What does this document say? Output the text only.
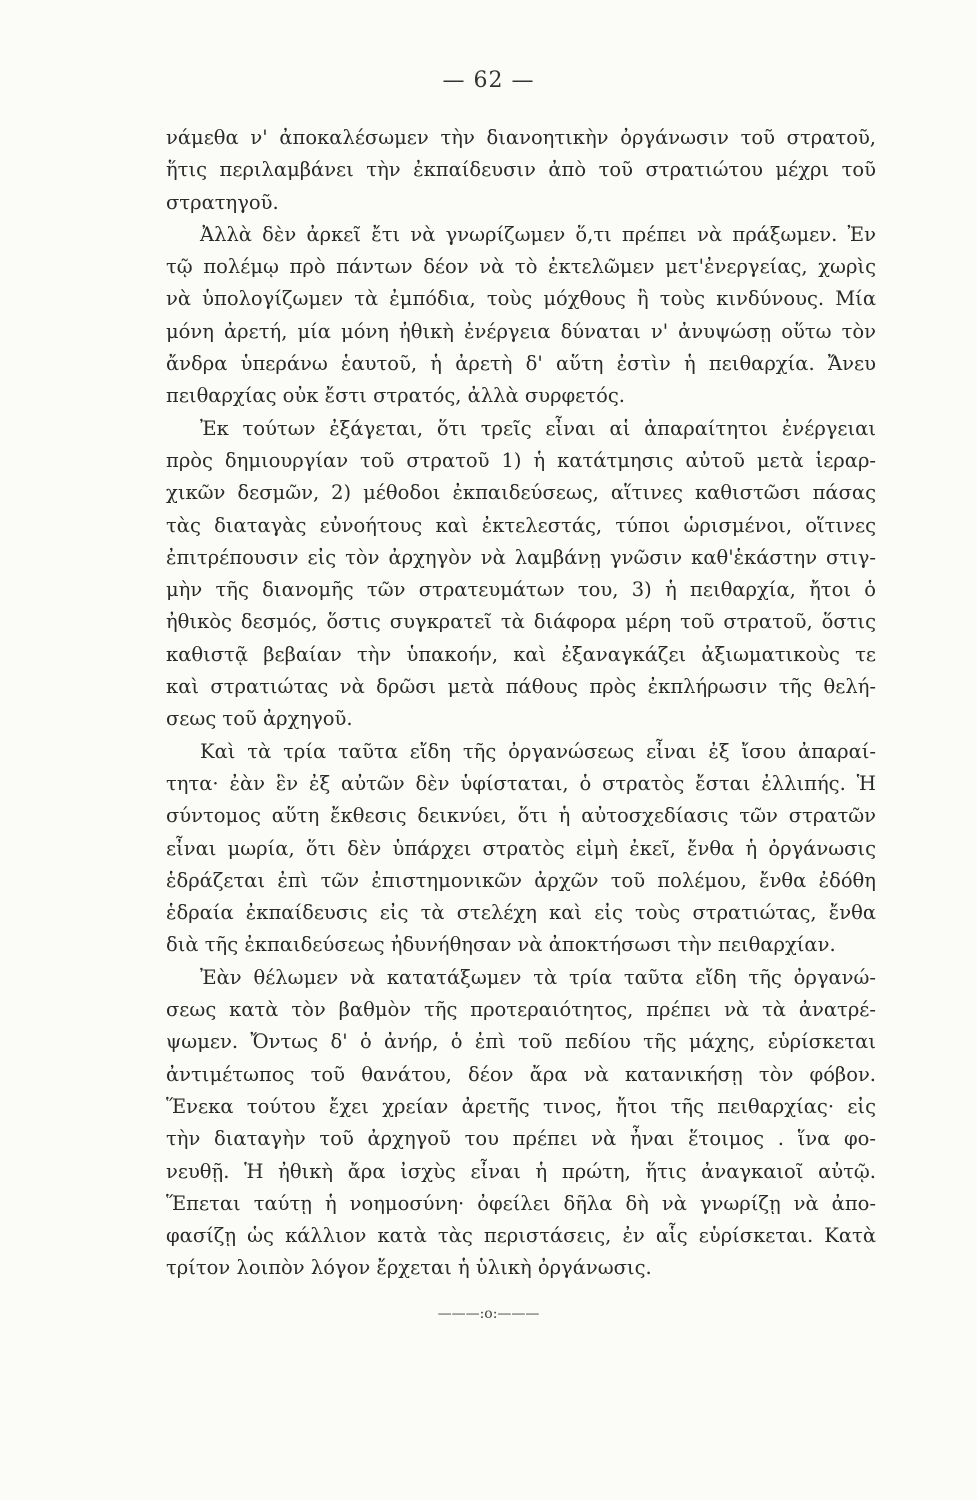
— 62 —
νάμεθα ν' ἀποκαλέσωμεν τὴν διανοητικὴν ὀργάνωσιν τοῦ στρατοῦ,
ἥτις περιλαμβάνει τὴν ἐκπαίδευσιν ἀπὸ τοῦ στρατιώτου μέχρι τοῦ
στρατηγοῦ.
Ἀλλὰ δὲν ἀρκεῖ ἔτι νὰ γνωρίζωμεν ὅ,τι πρέπει νὰ πράξωμεν. Ἐν
τῷ πολέμῳ πρὸ πάντων δέον νὰ τὸ ἐκτελῶμεν μετ'ἐνεργείας, χωρὶς
νὰ ὑπολογίζωμεν τὰ ἐμπόδια, τοὺς μόχθους ἢ τοὺς κινδύνους. Μία
μόνη ἀρετή, μία μόνη ἠθικὴ ἐνέργεια δύναται ν' ἀνυψώσῃ οὕτω τὸν
ἄνδρα ὑπεράνω ἑαυτοῦ, ἡ ἀρετὴ δ' αὕτη ἐστὶν ἡ πειθαρχία. Ἄνευ
πειθαρχίας οὐκ ἔστι στρατός, ἀλλὰ συρφετός.
Ἐκ τούτων ἐξάγεται, ὅτι τρεῖς εἶναι αἱ ἀπαραίτητοι ἐνέργειαι
πρὸς δημιουργίαν τοῦ στρατοῦ 1) ἡ κατάτμησις αὐτοῦ μετὰ ἱεραρ-
χικῶν δεσμῶν, 2) μέθοδοι ἐκπαιδεύσεως, αἵτινες καθιστῶσι πάσας
τὰς διαταγὰς εὐνοήτους καὶ ἐκτελεστάς, τύποι ὡρισμένοι, οἵτινες
ἐπιτρέπουσιν εἰς τὸν ἀρχηγὸν νὰ λαμβάνῃ γνῶσιν καθ'ἑκάστην στιγ-
μὴν τῆς διανομῆς τῶν στρατευμάτων του, 3) ἡ πειθαρχία, ἤτοι ὁ
ἠθικὸς δεσμός, ὅστις συγκρατεῖ τὰ διάφορα μέρη τοῦ στρατοῦ, ὅστις
καθιστᾷ βεβαίαν τὴν ὑπακοήν, καὶ ἐξαναγκάζει ἀξιωματικοὺς τε
καὶ στρατιώτας νὰ δρῶσι μετὰ πάθους πρὸς ἐκπλήρωσιν τῆς θελή-
σεως τοῦ ἀρχηγοῦ.
Καὶ τὰ τρία ταῦτα εἴδη τῆς ὀργανώσεως εἶναι ἐξ ἴσου ἀπαραί-
τητα· ἐὰν ἓν ἐξ αὐτῶν δὲν ὑφίσταται, ὁ στρατὸς ἔσται ἐλλιπής. Ἡ
σύντομος αὕτη ἔκθεσις δεικνύει, ὅτι ἡ αὐτοσχεδίασις τῶν στρατῶν
εἶναι μωρία, ὅτι δὲν ὑπάρχει στρατὸς εἰμὴ ἐκεῖ, ἔνθα ἡ ὀργάνωσις
ἑδράζεται ἐπὶ τῶν ἐπιστημονικῶν ἀρχῶν τοῦ πολέμου, ἔνθα ἐδόθη
ἑδραία ἐκπαίδευσις εἰς τὰ στελέχη καὶ εἰς τοὺς στρατιώτας, ἔνθα
διὰ τῆς ἐκπαιδεύσεως ἠδυνήθησαν νὰ ἀποκτήσωσι τὴν πειθαρχίαν.
Ἐὰν θέλωμεν νὰ κατατάξωμεν τὰ τρία ταῦτα εἴδη τῆς ὀργανώ-
σεως κατὰ τὸν βαθμὸν τῆς προτεραιότητος, πρέπει νὰ τὰ ἀνατρέ-
ψωμεν. Ὄντως δ' ὁ ἀνήρ, ὁ ἐπὶ τοῦ πεδίου τῆς μάχης, εὑρίσκεται
ἀντιμέτωπος τοῦ θανάτου, δέον ἄρα νὰ κατανικήσῃ τὸν φόβον.
Ἕνεκα τούτου ἔχει χρείαν ἀρετῆς τινος, ἤτοι τῆς πειθαρχίας· εἰς
τὴν διαταγὴν τοῦ ἀρχηγοῦ του πρέπει νὰ ἦναι ἕτοιμος . ἵνα φο-
νευθῇ. Ἡ ἠθικὴ ἄρα ἰσχὺς εἶναι ἡ πρώτη, ἥτις ἀναγκαιοῖ αὐτῷ.
Ἕπεται ταύτῃ ἡ νοημοσύνη· ὀφείλει δῆλα δὴ νὰ γνωρίζῃ νὰ ἀπο-
φασίζῃ ὡς κάλλιον κατὰ τὰς περιστάσεις, ἐν αἷς εὑρίσκεται. Κατὰ
τρίτον λοιπὸν λόγον ἔρχεται ἡ ὑλικὴ ὀργάνωσις.
———:o:———
